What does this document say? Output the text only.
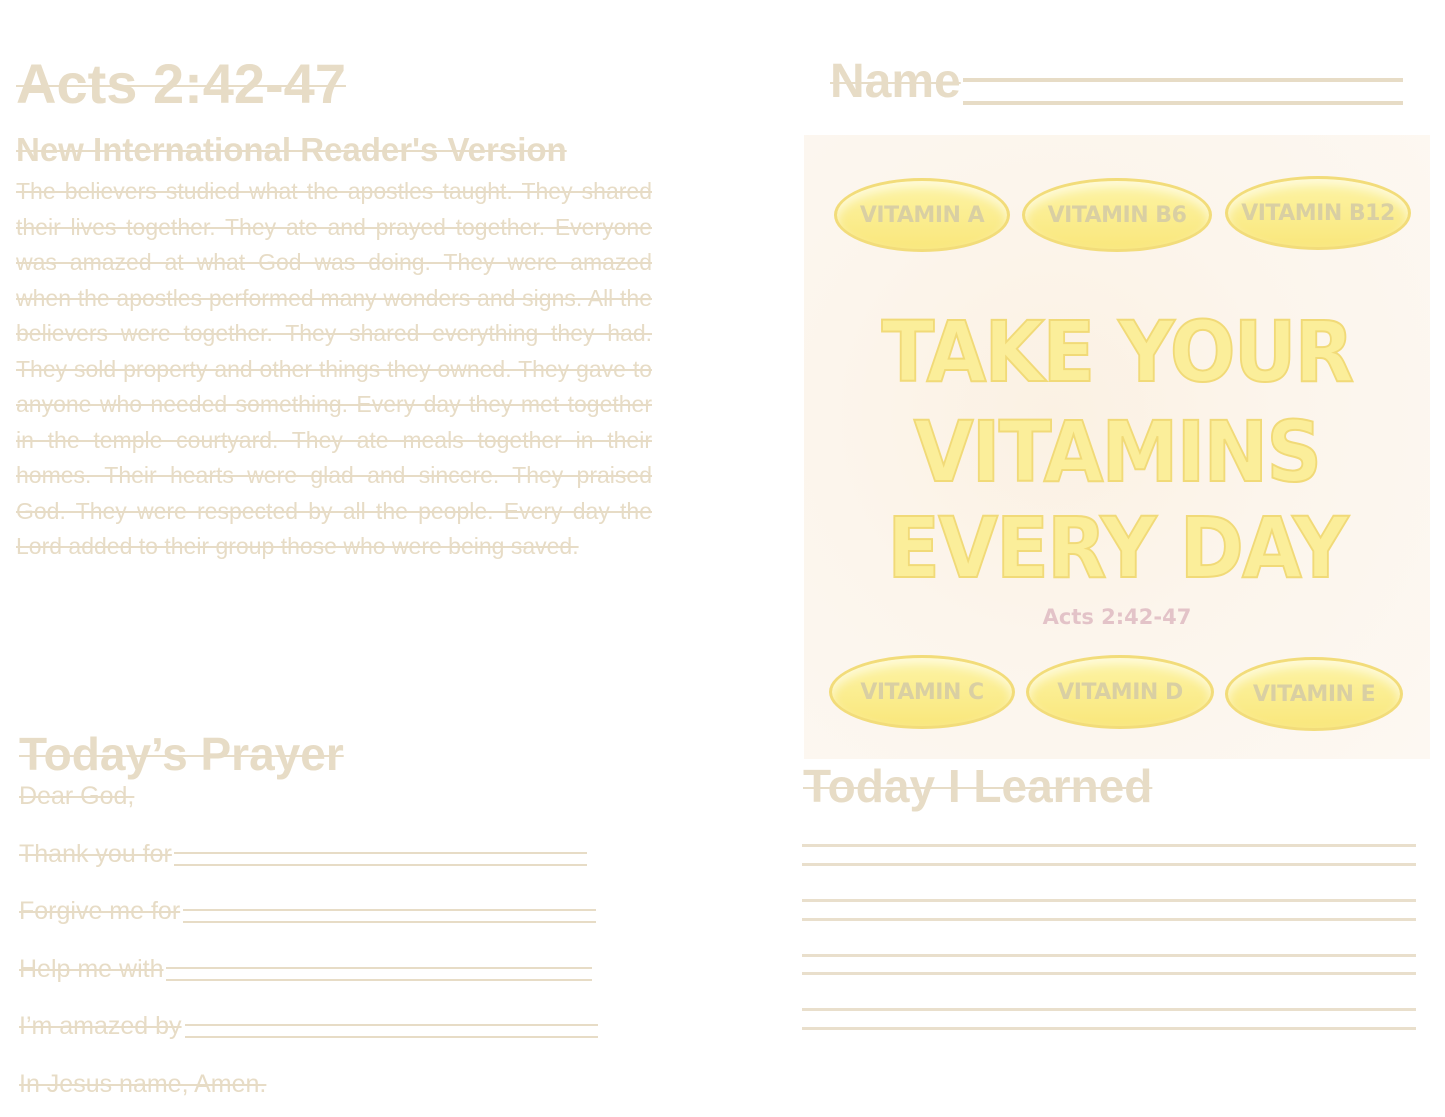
Acts 2:42-47
New International Reader's Version

The believers studied what the apostles taught. They shared their lives together. They ate and prayed together. Everyone was amazed at what God was doing. They were amazed when the apostles performed many wonders and signs. All the believers were together. They shared everything they had. They sold property and other things they owned. They gave to anyone who needed something. Every day they met together in the temple courtyard. They ate meals together in their homes. Their hearts were glad and sincere. They praised God. They were respected by all the people. Every day the Lord added to their group those who were being saved.

Name
VITAMIN A	VITAMIN B6	VITAMIN B12
TAKE YOUR
VITAMINS
EVERY DAY
Acts 2:42-47
VITAMIN C	VITAMIN D	VITAMIN E
Today I Learned
Today’s Prayer
Dear God,
Thank you for
Forgive me for
Help me with
I’m amazed by
In Jesus name, Amen.
